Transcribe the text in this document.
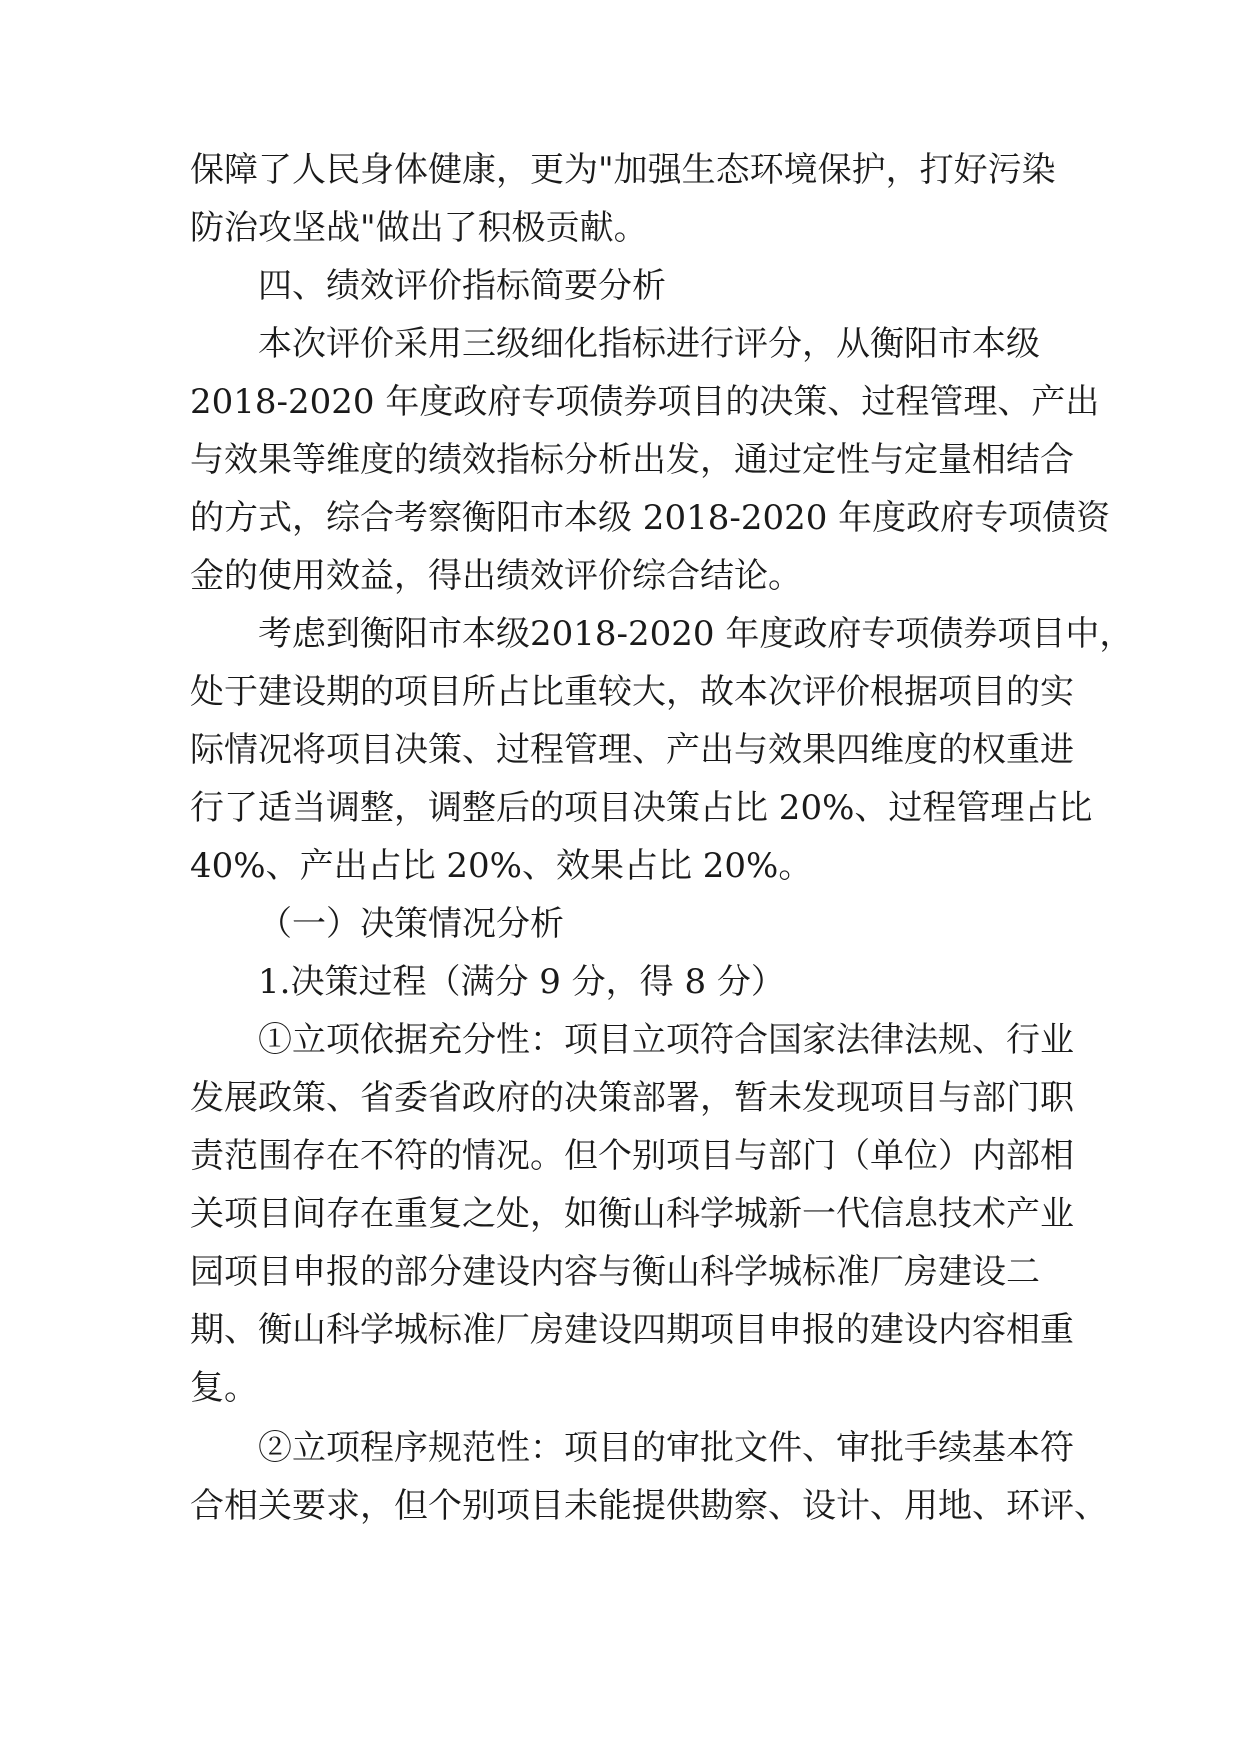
保障了人民身体健康，更为"加强生态环境保护，打好污染
防治攻坚战"做出了积极贡献。
四、绩效评价指标简要分析
本次评价采用三级细化指标进行评分，从衡阳市本级
2018-2020 年度政府专项债券项目的决策、过程管理、产出
与效果等维度的绩效指标分析出发，通过定性与定量相结合
的方式，综合考察衡阳市本级 2018-2020 年度政府专项债资
金的使用效益，得出绩效评价综合结论。
考虑到衡阳市本级2018-2020 年度政府专项债券项目中，
处于建设期的项目所占比重较大，故本次评价根据项目的实
际情况将项目决策、过程管理、产出与效果四维度的权重进
行了适当调整，调整后的项目决策占比 20%、过程管理占比
40%、产出占比 20%、效果占比 20%。
（一）决策情况分析
1.决策过程（满分 9 分，得 8 分）
①立项依据充分性：项目立项符合国家法律法规、行业
发展政策、省委省政府的决策部署，暂未发现项目与部门职
责范围存在不符的情况。但个别项目与部门（单位）内部相
关项目间存在重复之处，如衡山科学城新一代信息技术产业
园项目申报的部分建设内容与衡山科学城标准厂房建设二
期、衡山科学城标准厂房建设四期项目申报的建设内容相重
复。
②立项程序规范性：项目的审批文件、审批手续基本符
合相关要求，但个别项目未能提供勘察、设计、用地、环评、
